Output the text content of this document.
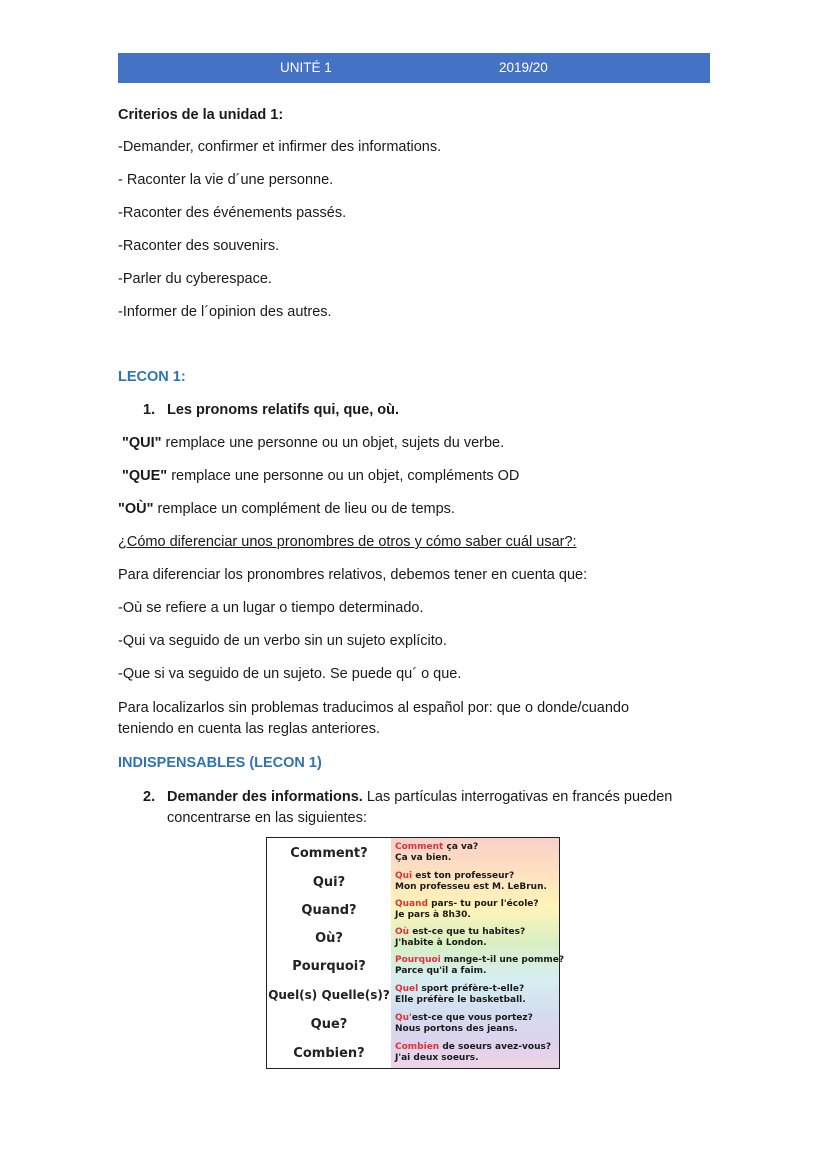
UNITÉ 1	2019/20
Criterios de la unidad 1:
-Demander, confirmer et infirmer des informations.
- Raconter la vie d´une personne.
-Raconter des événements passés.
-Raconter des souvenirs.
-Parler du cyberespace.
-Informer de l´opinion des autres.
LECON 1:
1. Les pronoms relatifs qui, que, où.
"QUI" remplace une personne ou un objet, sujets du verbe.
"QUE" remplace une personne ou un objet, compléments OD
"OÙ" remplace un complément de lieu ou de temps.
¿Cómo diferenciar unos pronombres de otros y cómo saber cuál usar?:
Para diferenciar los pronombres relativos, debemos tener en cuenta que:
-Où se refiere a un lugar o tiempo determinado.
-Qui va seguido de un verbo sin un sujeto explícito.
-Que si va seguido de un sujeto. Se puede qu´ o que.
Para localizarlos sin problemas traducimos al español por: que o donde/cuando
teniendo en cuenta las reglas anteriores.
INDISPENSABLES (LECON 1)
2. Demander des informations. Las partículas interrogativas en francés pueden
concentrarse en las siguientes:
Comment?	Comment ça va?
Ça va bien.
Qui?	Qui est ton professeur?
Mon professeu est M. LeBrun.
Quand?	Quand pars- tu pour l'école?
Je pars à 8h30.
Où?	Où est-ce que tu habites?
J'habite à London.
Pourquoi?	Pourquoi mange-t-il une pomme?
Parce qu'il a faim.
Quel(s) Quelle(s)? Quel sport préfère-t-elle?
Elle préfère le basketball.
Que?	Qu'est-ce que vous portez?
Nous portons des jeans.
Combien?	Combien de soeurs avez-vous?
J'ai deux soeurs.
